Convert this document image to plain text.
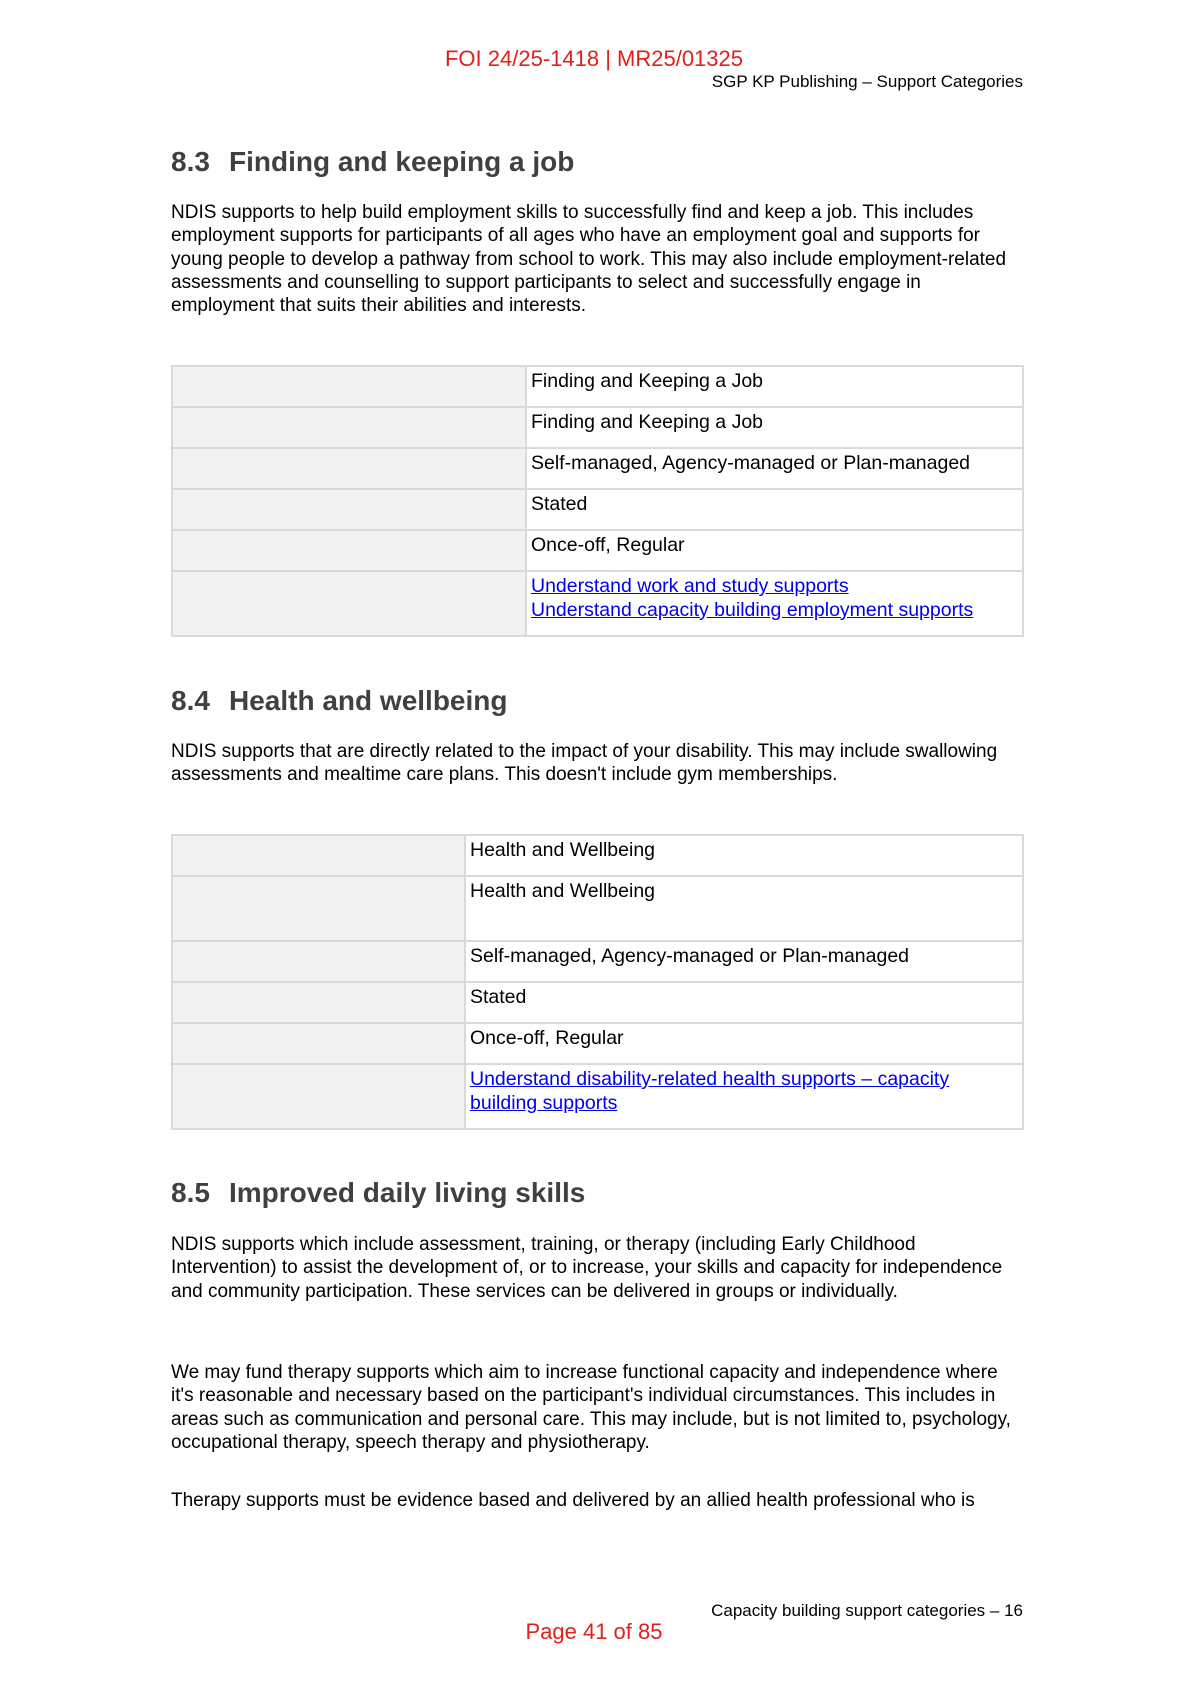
FOI 24/25-1418 | MR25/01325
SGP KP Publishing – Support Categories
8.3 Finding and keeping a job

NDIS supports to help build employment skills to successfully find and keep a job. This includes employment supports for participants of all ages who have an employment goal and supports for young people to develop a pathway from school to work. This may also include employment-related assessments and counselling to support participants to select and successfully engage in employment that suits their abilities and interests.

	Finding and Keeping a Job
	Finding and Keeping a Job
	Self-managed, Agency-managed or Plan-managed
	Stated
	Once-off, Regular
	Understand work and study supports
Understand capacity building employment supports
8.4 Health and wellbeing

NDIS supports that are directly related to the impact of your disability. This may include swallowing assessments and mealtime care plans. This doesn't include gym memberships.

	Health and Wellbeing
	Health and Wellbeing
	Self-managed, Agency-managed or Plan-managed
	Stated
	Once-off, Regular
	Understand disability-related health supports – capacity building supports
8.5 Improved daily living skills

NDIS supports which include assessment, training, or therapy (including Early Childhood Intervention) to assist the development of, or to increase, your skills and capacity for independence and community participation. These services can be delivered in groups or individually.

We may fund therapy supports which aim to increase functional capacity and independence where it's reasonable and necessary based on the participant's individual circumstances. This includes in areas such as communication and personal care. This may include, but is not limited to, psychology, occupational therapy, speech therapy and physiotherapy.

Therapy supports must be evidence based and delivered by an allied health professional who is

Capacity building support categories – 16
Page 41 of 85
